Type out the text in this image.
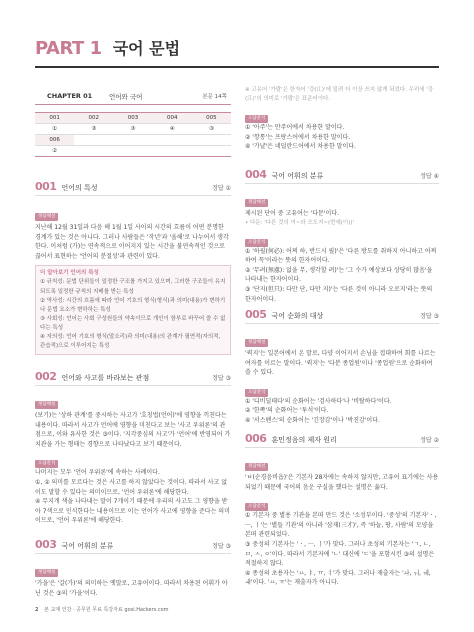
PART 1 국어 문법
CHAPTER 01	언어와 국어	본문 14쪽
001	002	003	004	005
①	③	③	④	③
006
②
001 언어의 특성	정답 ①
정답해설
지난해 12월 31일과 다음 해 1월 1일 사이의 시간의 흐름이 어떤 분명한 경계가 있는 것은 아니다. 그러나 사람들은 '작년'과 '올해'로 나누어서 생각한다. 이처럼 (가)는 연속적으로 이어지지 있는 시간을 불연속적인 것으로 끊어서 표현하는 '언어의 분절성'과 관련이 있다.
더 알아보기 언어의 특성
① 규칙성: 문법 단위들이 일정한 구조를 가지고 있으며, 그러한 구조들이 유지되도록 일정한 규칙의 지배를 받는 특성
② 역사성: 시간의 흐름에 따라 언어 기호의 형식(형식)과 의미(내용)가 변하기나 문법 요소가 변하하는 특성
③ 사회성: 언어는 사회 구성원들의 약속이므로 개인이 함부로 바꾸어 쓸 수 없다는 특성
④ 자의성: 언어 기호의 형식(말소리)과 의미(내용)의 관계가 필연적(자의적, 관습적)으로 이루어지는 특성
002 언어와 사고를 바라보는 관점	정답 ③
정답해설
(보기)는 '상하 관계'를 중시하는 사고가 '호칭법(언어)'에 영향을 끼친다는 내용이다. 따라서 사고가 언어에 영향을 미친다고 보는 '사고 우위론'의 관점으로, 이와 유사한 것은 ③이다. '지각중심의 사고'가 '언어'에 반영되어 가치관을 가는 형태는 경향으로 나타났다고 보기 때문이다.
오답분석
나머지는 모두 '언어 우위론'에 속하는 사례이다.
①, ② 의미를 모르다는 것은 사고를 하지 않았다는 것이다. 따라서 사고 없이도 말할 수 있다는 의미이므로, '언어 우위론'에 해당한다.
④ 무지개 색을 나타내는 말이 7개이기 때문에 우리의 사고도 그 영향을 받아 7색으로 인식한다는 내용이므로 이는 언어가 사고에 영향을 준다는 의미이므로, '언어 우위론'에 해당한다.
003 국어 어휘의 분류	정답 ③
정답해설
'가을'은 '갈(가)'의 의미하는 옛말로, 고유어이다. 따라서 차용된 어휘가 아닌 것은 ③의 '가을'이다.
※ 고유어 '가람'은 한자어 '강(江)'에 밀려 더 이상 쓰지 않게 되었다. 우리에 '강(江)'의 의미로 '가람'은 표준어이다.
오답분석
① '아주'는 만주어에서 차용한 말이다.
② '깡통'는 프랑스어에서 차용한 말이다.
④ '가냘'은 네덜란드어에서 차용한 말이다.
004 국어 어휘의 분류	정답 ④
정답해설
제시된 단어 중 고유어는 '다문'이다.
• 다문: '다른 것의 여~라 오도지~(번예(이))'
오답분석
① '하필(何必): 어찌 하, 반드시 필)'은 '다른 방도를 취하지 아니하고 어찌하여 꼭'이라는 뜻의 한자어이다.
② '무려(無慮): 없을 무, 생각할 려)'는 '그 수가 예상보다 상당히 많음'을 나타내는 한자어이다.
③ '단지(但只): 다만 단, 다만 지)'는 '다른 것이 아니라 오로지'라는 뜻의 한자어이다.
005 국어 순화의 대상	정답 ③
정답해설
'퀵지'는 일본어에서 온 말로, 다양 이어지서 손님을 접대하여 회를 나르는 여자를 이르는 말이다. '퀵지'는 '다분 종업원'이나 '종업원'으로 순화하여 쓸 수 있다.
오답분석
① '디비딜태다'의 순화어는 '검사하다'나 '비탈하다'이다.
② '한쪽'의 순화어는 '투석'이다.
④ '서스펜스'의 순화어는 '긴장감'이나 '박진감'이다.
006 훈민정음의 제자 원리	정답 ②
정답해설
'ㅂ(순경음비읍)'은 기본자 28자에는 속하지 않지만, 고유어 표기에는 사용되었기 때문에 국어의 음운 구실을 했다는 설명은 옳다.
오답분석
① 기본자 중 별용 기관을 본떠 만드 것은 '소성부이다. '중성'의 기본자'ㆍ, ㅡ, ㅣ'는 '별들 기관'의 아니라 '삼재(三才)', 즉 '하늘, 땅, 사람'의 모양을 본떠 관련되었다.
③ 중성의 기본자는 'ㆍ, ㅡ, ㅣ'가 맞다. 그러나 초성의 기본자는 'ㄱ, ㄴ, ㅁ, ㅅ, ㅇ'이다. 따라서 기본자에 'ㄴ' 대신에 'ㄷ'을 포함시킨 ③의 설명은 적절하지 않다.
④ 종성의 초용자는 'ㅛ, ㅑ, ㅠ, ㅕ'가 맞다. 그러나 재출자는 'ㅘ, ㅝ, ㅞ, ㅙ'이다. 'ㅛ, ㅠ'는 재출자가 아니다.
2 본 교재 인강 · 공무원 무료 특강자료 gosi.Hackers.com
